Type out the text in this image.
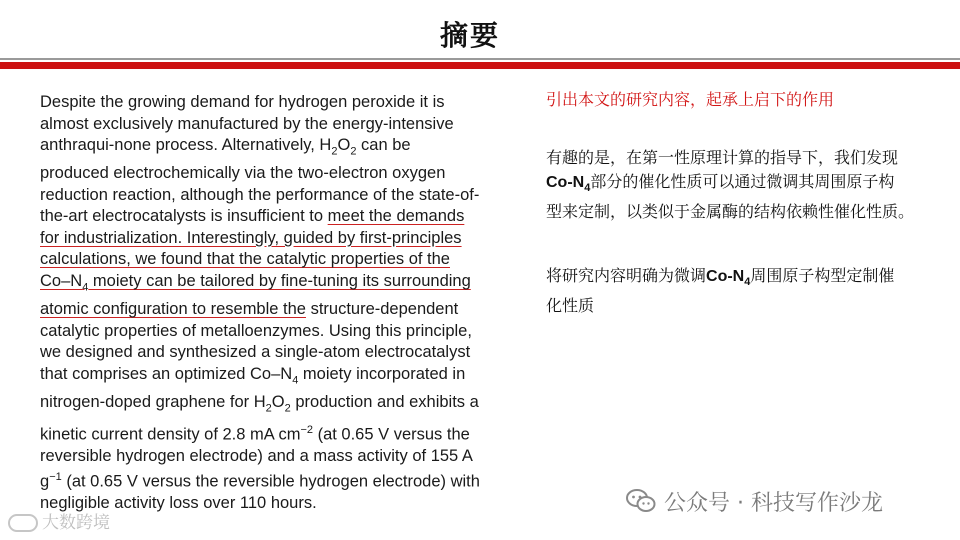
摘要
Despite the growing demand for hydrogen peroxide it is
almost exclusively manufactured by the energy-intensive
anthraqui-none process. Alternatively, $H_2O_2$ can be
produced electrochemically via the two-electron oxygen
reduction reaction, although the performance of the state-of-
the-art electrocatalysts is insufficient to meet the demands
for industrialization. Interestingly, guided by first-principles
calculations, we found that the catalytic properties of the
$Co-N_4$ moiety can be tailored by fine-tuning its surrounding
atomic configuration to resemble the structure-dependent
catalytic properties of metalloenzymes. Using this principle,
we designed and synthesized a single-atom electrocatalyst
that comprises an optimized $Co-N_4$ moiety incorporated in
nitrogen-doped graphene for $H_2O_2$ production and exhibits a
kinetic current density of 2.8 mA $cm^{-2}$ (at 0.65 V versus the
reversible hydrogen electrode) and a mass activity of 155 A
$g^{-1}$ (at 0.65 V versus the reversible hydrogen electrode) with
negligible activity loss over 110 hours.
引出本文的研究内容，起承上启下的作用
有趣的是，在第一性原理计算的指导下，我们发现
$Co-N_4$部分的催化性质可以通过微调其周围原子构
型来定制，以类似于金属酶的结构依赖性催化性质。
将研究内容明确为微调$Co-N_4$周围原子构型定制催
化性质
大数跨境
公众号 · 科技写作沙龙
